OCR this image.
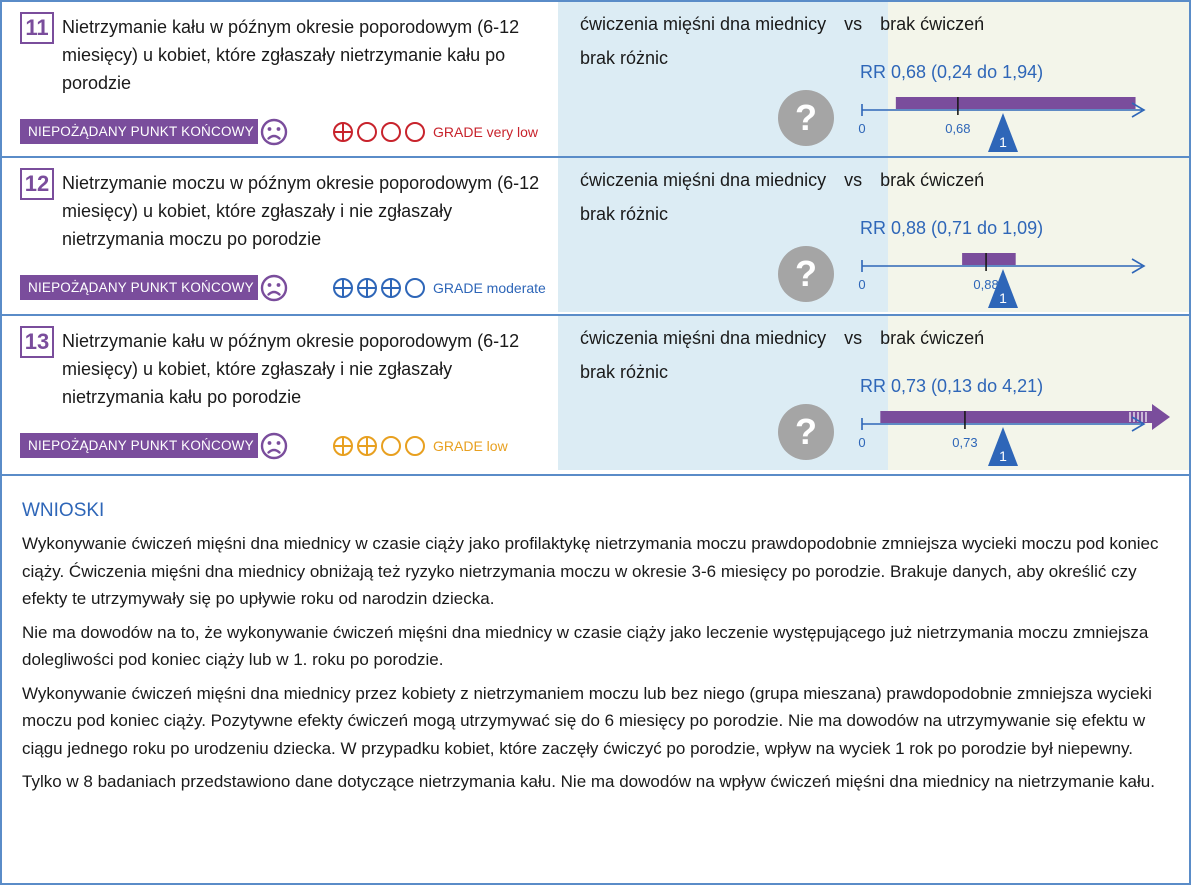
11 Nietrzymanie kału w późnym okresie poporodowym (6-12 miesięcy) u kobiet, które zgłaszały nietrzymanie kału po porodzie
NIEPOŻĄDANY PUNKT KOŃCOWY	GRADE very low
ćwiczenia mięśni dna miednicy vs brak ćwiczeń
brak różnic
?
RR 0,68 (0,24 do 1,94)
0
1
0,68
12 Nietrzymanie moczu w późnym okresie poporodowym (6-12 miesięcy) u kobiet, które zgłaszały i nie zgłaszały nietrzymania moczu po porodzie
NIEPOŻĄDANY PUNKT KOŃCOWY	GRADE moderate
ćwiczenia mięśni dna miednicy vs brak ćwiczeń
brak różnic
?
RR 0,88 (0,71 do 1,09)
0
1
0,88
13 Nietrzymanie kału w późnym okresie poporodowym (6-12 miesięcy) u kobiet, które zgłaszały i nie zgłaszały nietrzymania kału po porodzie
NIEPOŻĄDANY PUNKT KOŃCOWY	GRADE low
ćwiczenia mięśni dna miednicy vs brak ćwiczeń
brak różnic
?
RR 0,73 (0,13 do 4,21)
0
1
0,73
WNIOSKI

Wykonywanie ćwiczeń mięśni dna miednicy w czasie ciąży jako profilaktykę nietrzymania moczu prawdopodobnie zmniejsza wycieki moczu pod koniec ciąży. Ćwiczenia mięśni dna miednicy obniżają też ryzyko nietrzymania moczu w okresie 3-6 miesięcy po porodzie. Brakuje danych, aby określić czy efekty te utrzymywały się po upływie roku od narodzin dziecka.

Nie ma dowodów na to, że wykonywanie ćwiczeń mięśni dna miednicy w czasie ciąży jako leczenie występującego już nietrzymania moczu zmniejsza dolegliwości pod koniec ciąży lub w 1. roku po porodzie.

Wykonywanie ćwiczeń mięśni dna miednicy przez kobiety z nietrzymaniem moczu lub bez niego (grupa mieszana) prawdopodobnie zmniejsza wycieki moczu pod koniec ciąży. Pozytywne efekty ćwiczeń mogą utrzymywać się do 6 miesięcy po porodzie. Nie ma dowodów na utrzymywanie się efektu w ciągu jednego roku po urodzeniu dziecka. W przypadku kobiet, które zaczęły ćwiczyć po porodzie, wpływ na wyciek 1 rok po porodzie był niepewny.

Tylko w 8 badaniach przedstawiono dane dotyczące nietrzymania kału. Nie ma dowodów na wpływ ćwiczeń mięśni dna miednicy na nietrzymanie kału.
